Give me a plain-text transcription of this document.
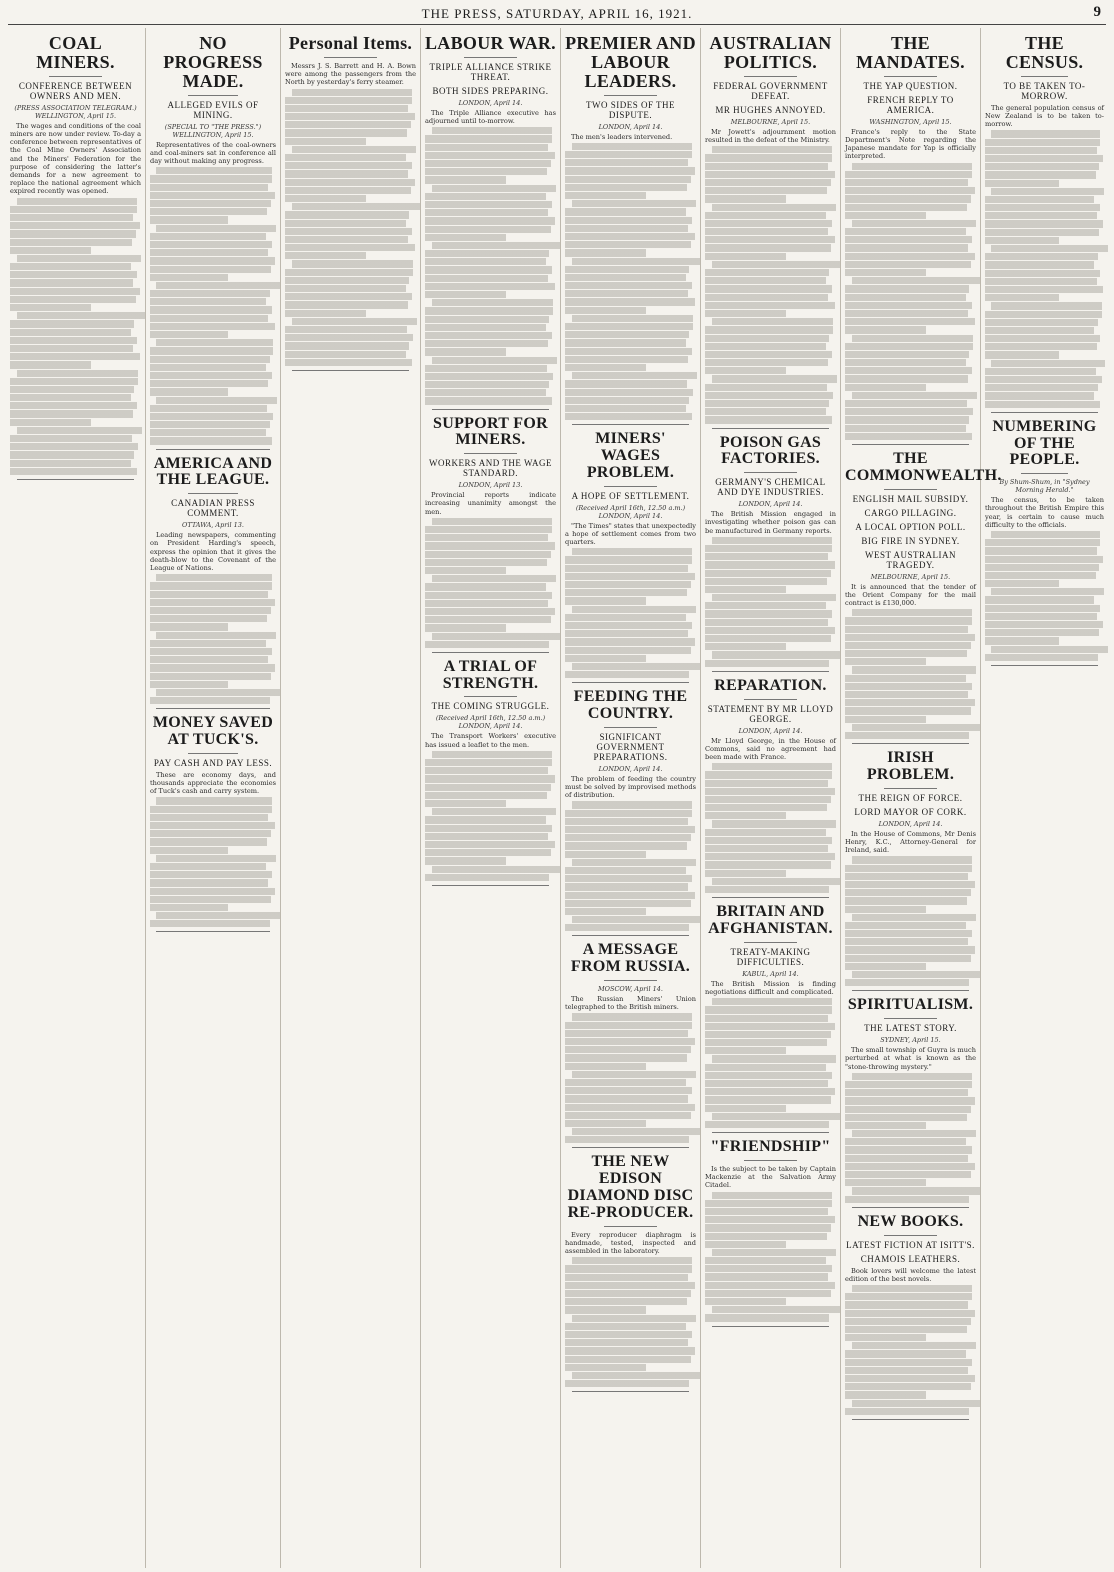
THE PRESS, SATURDAY, APRIL 16, 1921.	9
COAL MINERS.
CONFERENCE BETWEEN OWNERS AND MEN.
(PRESS ASSOCIATION TELEGRAM.) WELLINGTON, April 15.

The wages and conditions of the coal miners are now under review. To-day a conference between representatives of the Coal Mine Owners' Association and the Miners' Federation for the purpose of considering the latter's demands for a new agreement to replace the national agreement which expired recently was opened.

NO PROGRESS MADE.
ALLEGED EVILS OF MINING.
(SPECIAL TO "THE PRESS.") WELLINGTON, April 15.

Representatives of the coal-owners and coal-miners sat in conference all day without making any progress.

AMERICA AND THE LEAGUE.
CANADIAN PRESS COMMENT.
OTTAWA, April 13.

Leading newspapers, commenting on President Harding's speech, express the opinion that it gives the death-blow to the Covenant of the League of Nations.

MONEY SAVED AT TUCK'S.
PAY CASH AND PAY LESS.

These are economy days, and thousands appreciate the economies of Tuck's cash and carry system.

Personal Items.

Messrs J. S. Barrett and H. A. Bown were among the passengers from the North by yesterday's ferry steamer.

LABOUR WAR.
TRIPLE ALLIANCE STRIKE THREAT.
BOTH SIDES PREPARING.
LONDON, April 14.

The Triple Alliance executive has adjourned until to-morrow.

SUPPORT FOR MINERS.
WORKERS AND THE WAGE STANDARD.
LONDON, April 13.

Provincial reports indicate increasing unanimity amongst the men.

A TRIAL OF STRENGTH.
THE COMING STRUGGLE.
(Received April 16th, 12.50 a.m.) LONDON, April 14.

The Transport Workers' executive has issued a leaflet to the men.

PREMIER AND LABOUR LEADERS.
TWO SIDES OF THE DISPUTE.
LONDON, April 14.

The men's leaders intervened.

MINERS' WAGES PROBLEM.
A HOPE OF SETTLEMENT.
(Received April 16th, 12.50 a.m.) LONDON, April 14.

"The Times" states that unexpectedly a hope of settlement comes from two quarters.

FEEDING THE COUNTRY.
SIGNIFICANT GOVERNMENT PREPARATIONS.
LONDON, April 14.

The problem of feeding the country must be solved by improvised methods of distribution.

A MESSAGE FROM RUSSIA.
MOSCOW, April 14.

The Russian Miners' Union telegraphed to the British miners.

THE NEW EDISON DIAMOND DISC RE-PRODUCER.

Every reproducer diaphragm is handmade, tested, inspected and assembled in the laboratory.

AUSTRALIAN POLITICS.
FEDERAL GOVERNMENT DEFEAT.
MR HUGHES ANNOYED.
MELBOURNE, April 15.

Mr Jowett's adjournment motion resulted in the defeat of the Ministry.

POISON GAS FACTORIES.
GERMANY'S CHEMICAL AND DYE INDUSTRIES.
LONDON, April 14.

The British Mission engaged in investigating whether poison gas can be manufactured in Germany reports.

REPARATION.
STATEMENT BY MR LLOYD GEORGE.
LONDON, April 14.

Mr Lloyd George, in the House of Commons, said no agreement had been made with France.

BRITAIN AND AFGHANISTAN.
TREATY-MAKING DIFFICULTIES.
KABUL, April 14.

The British Mission is finding negotiations difficult and complicated.

"FRIENDSHIP"

Is the subject to be taken by Captain Mackenzie at the Salvation Army Citadel.

THE MANDATES.
THE YAP QUESTION.
FRENCH REPLY TO AMERICA.
WASHINGTON, April 15.

France's reply to the State Department's Note regarding the Japanese mandate for Yap is officially interpreted.

THE COMMONWEALTH.
ENGLISH MAIL SUBSIDY.
CARGO PILLAGING.
A LOCAL OPTION POLL.
BIG FIRE IN SYDNEY.
WEST AUSTRALIAN TRAGEDY.
MELBOURNE, April 15.

It is announced that the tender of the Orient Company for the mail contract is £130,000.

IRISH PROBLEM.
THE REIGN OF FORCE.
LORD MAYOR OF CORK.
LONDON, April 14.

In the House of Commons, Mr Denis Henry, K.C., Attorney-General for Ireland, said.

SPIRITUALISM.
THE LATEST STORY.
SYDNEY, April 15.

The small township of Guyra is much perturbed at what is known as the "stone-throwing mystery."

NEW BOOKS.
LATEST FICTION AT ISITT'S.
CHAMOIS LEATHERS.

Book lovers will welcome the latest edition of the best novels.

THE CENSUS.
TO BE TAKEN TO-MORROW.

The general population census of New Zealand is to be taken to-morrow.

NUMBERING OF THE PEOPLE.
By Shum-Shum, in "Sydney Morning Herald."

The census, to be taken throughout the British Empire this year, is certain to cause much difficulty to the officials.
